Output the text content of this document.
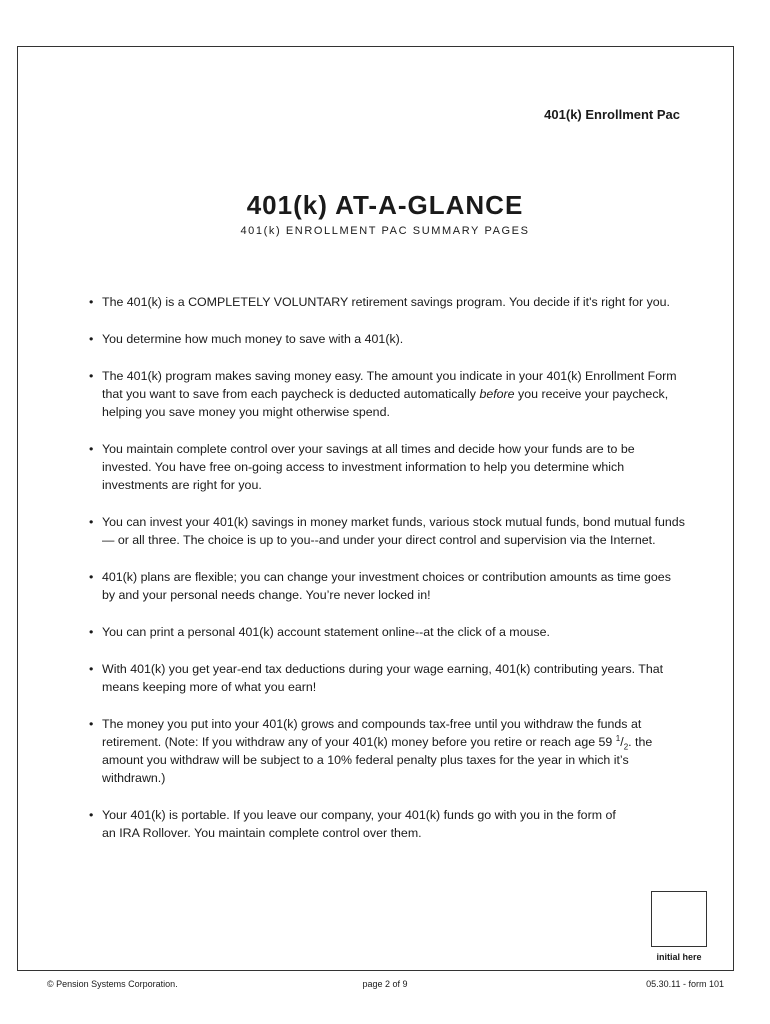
401(k) Enrollment Pac

401(k) AT-A-GLANCE

401(k) ENROLLMENT PAC SUMMARY PAGES

• The 401(k) is a COMPLETELY VOLUNTARY retirement savings program. You decide if it's right for you.
• You determine how much money to save with a 401(k).
• The 401(k) program makes saving money easy. The amount you indicate in your 401(k) Enrollment Form that you want to save from each paycheck is deducted automatically before you receive your paycheck, helping you save money you might otherwise spend.
• You maintain complete control over your savings at all times and decide how your funds are to be invested. You have free on-going access to investment information to help you determine which investments are right for you.
• You can invest your 401(k) savings in money market funds, various stock mutual funds, bond mutual funds — or all three. The choice is up to you--and under your direct control and supervision via the Internet.
• 401(k) plans are flexible; you can change your investment choices or contribution amounts as time goes by and your personal needs change. You’re never locked in!
• You can print a personal 401(k) account statement online--at the click of a mouse.
• With 401(k) you get year-end tax deductions during your wage earning, 401(k) contributing years. That means keeping more of what you earn!
• The money you put into your 401(k) grows and compounds tax-free until you withdraw the funds at retirement. (Note: If you withdraw any of your 401(k) money before you retire or reach age 59 $^1/_2$. the amount you withdraw will be subject to a 10% federal penalty plus taxes for the year in which it’s withdrawn.)
• Your 401(k) is portable. If you leave our company, your 401(k) funds go with you in the form of an IRA Rollover. You maintain complete control over them.
initial here
© Pension Systems Corporation.	page 2 of 9	05.30.11 - form 101
